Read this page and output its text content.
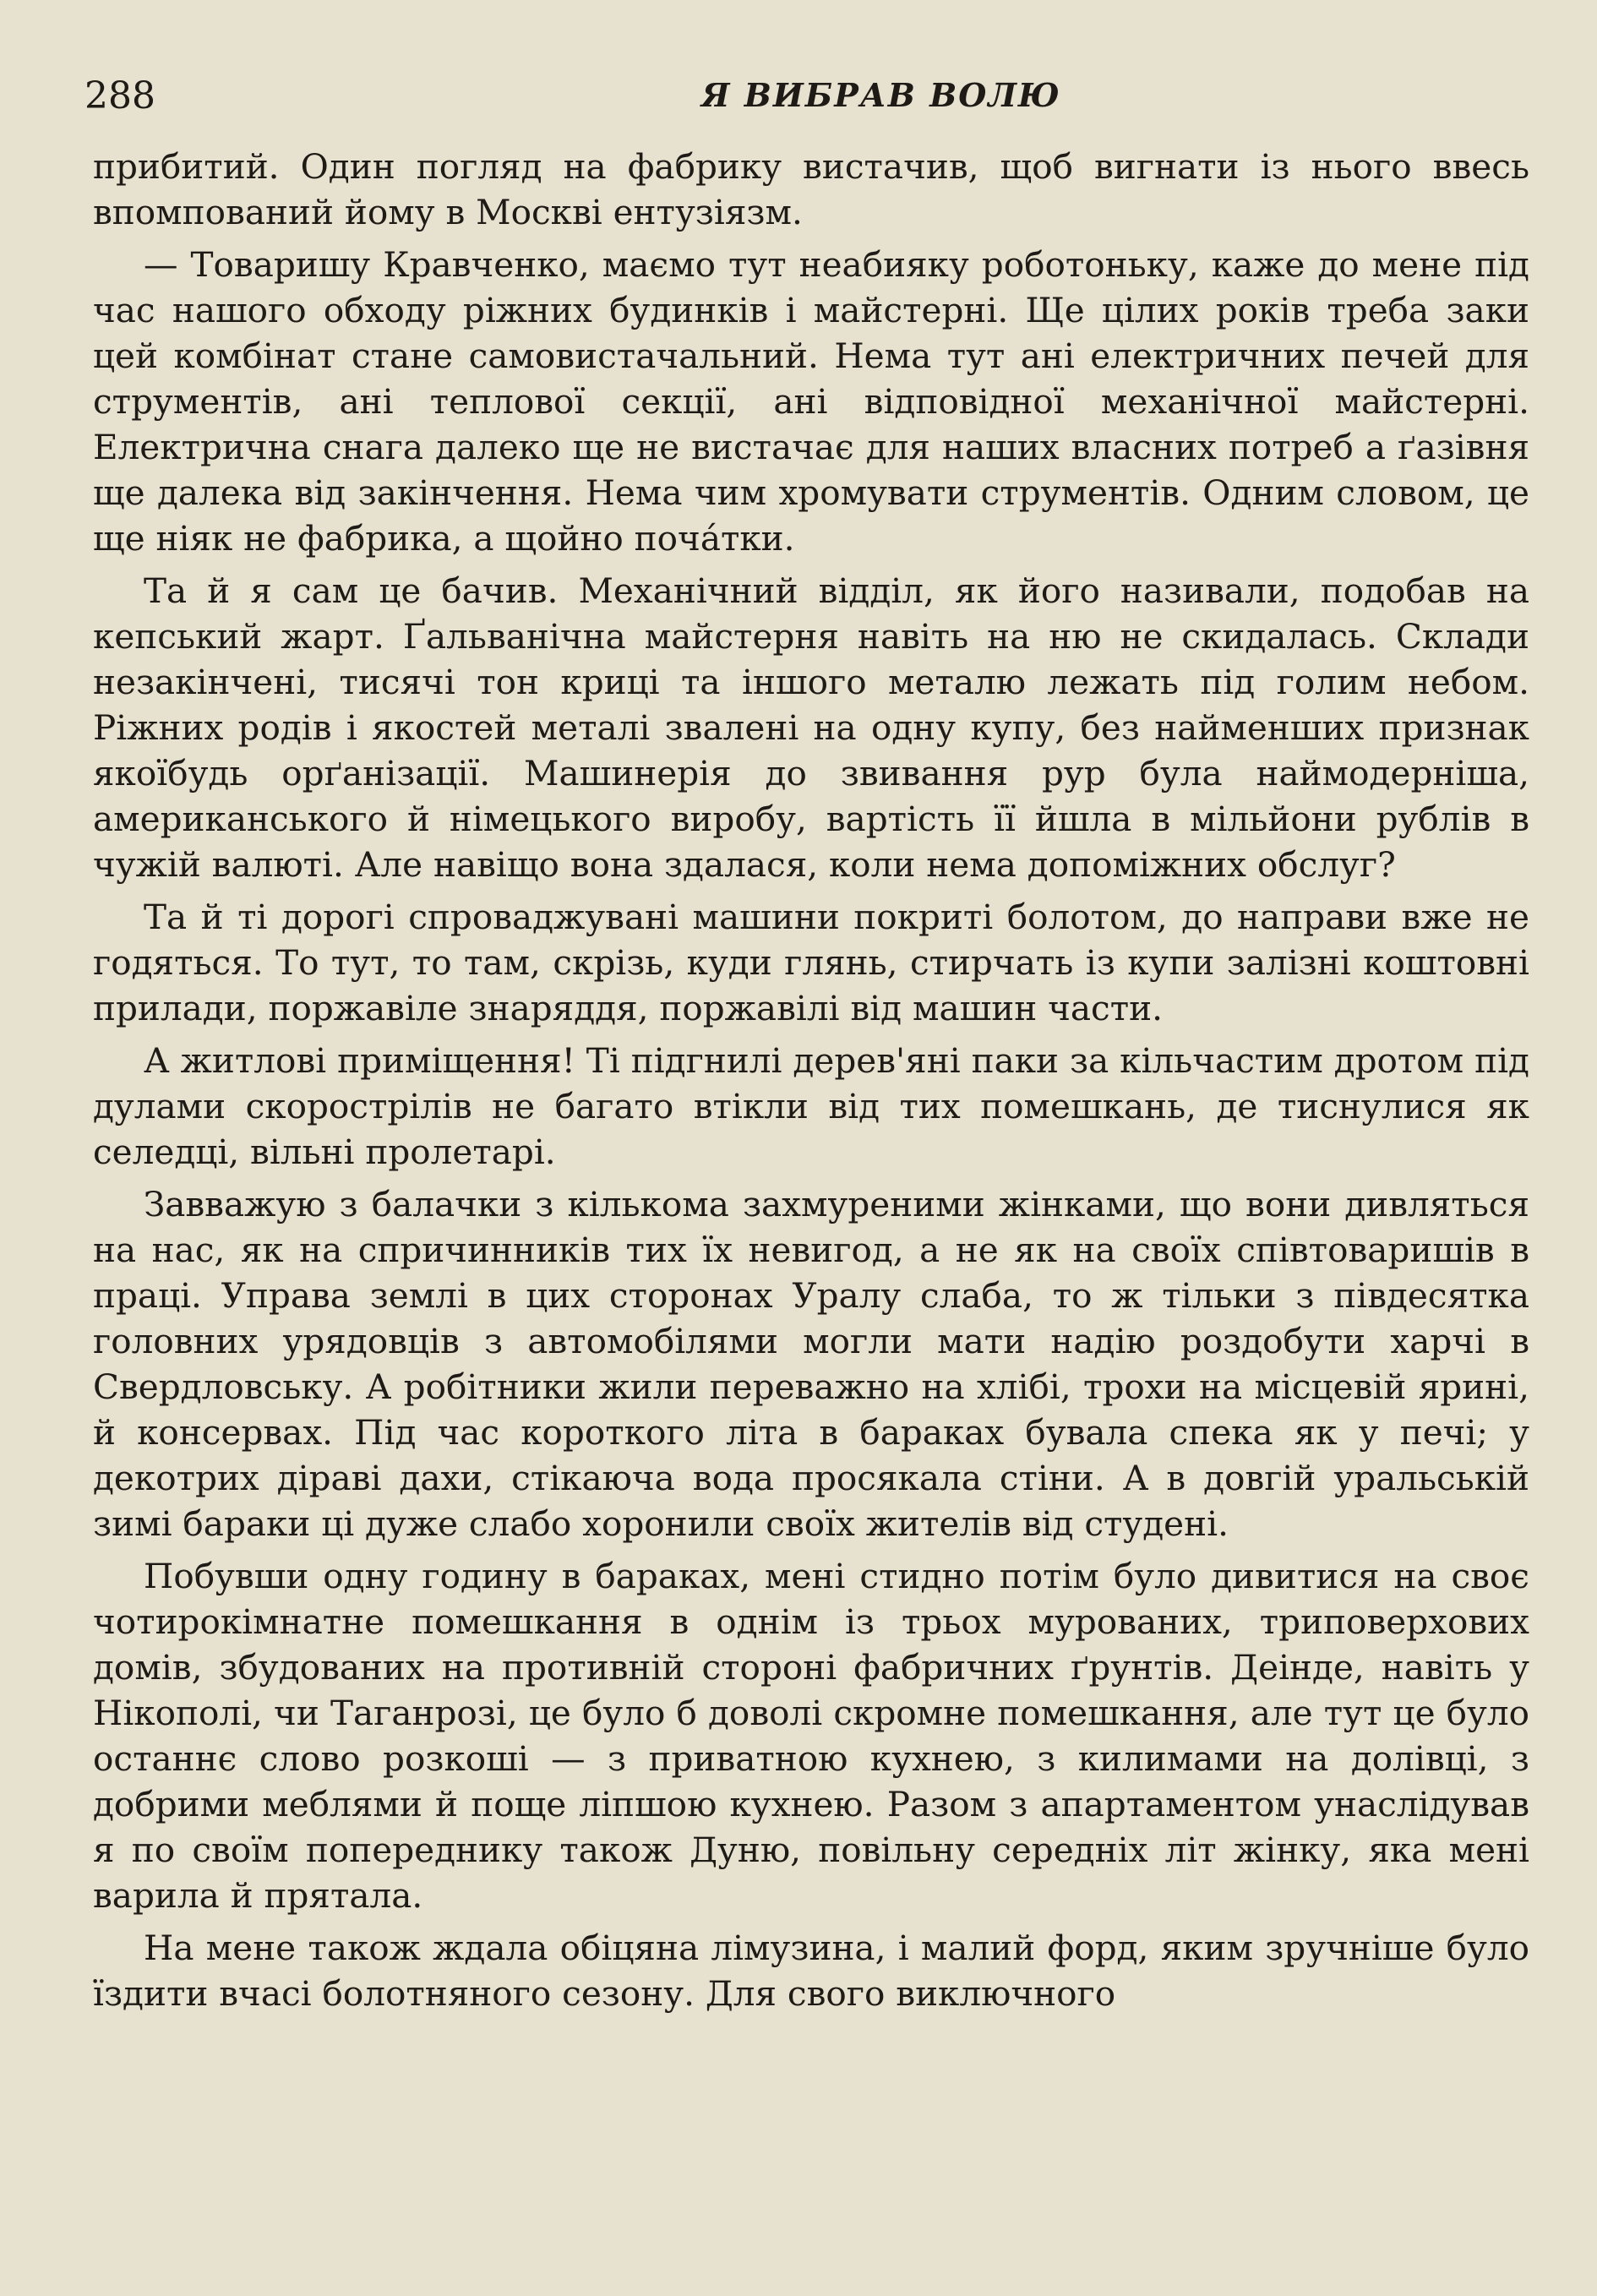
288	Я ВИБРАВ ВОЛЮ

прибитий. Один погляд на фабрику вистачив, щоб вигнати із нього ввесь впомпований йому в Москві ентузіязм.

— Товаришу Кравченко, маємо тут неабияку роботоньку, каже до мене під час нашого обходу ріжних будинків і майстерні. Ще цілих років треба заки цей комбінат стане самовистачальний. Нема тут ані електричних печей для струментів, ані теплової секції, ані відповідної механічної майстерні. Електрична снага далеко ще не вистачає для наших власних потреб а ґазівня ще далека від закінчення. Нема чим хромувати струментів. Одним словом, це ще ніяк не фабрика, а щойно почáтки.

Та й я сам це бачив. Механічний відділ, як його називали, подобав на кепський жарт. Ґальванічна майстерня навіть на ню не скидалась. Склади незакінчені, тисячі тон криці та іншого металю лежать під голим небом. Ріжних родів і якостей металі звалені на одну купу, без найменших признак якоїбудь орґанізації. Машинерія до звивання рур була наймодерніша, американського й німецького виробу, вартість її йшла в мільйони рублів в чужій валюті. Але навіщо вона здалася, коли нема допоміжних обслуг?

Та й ті дорогі спроваджувані машини покриті болотом, до направи вже не годяться. То тут, то там, скрізь, куди глянь, стирчать із купи залізні коштовні прилади, поржавіле знаряддя, поржавілі від машин части.

А житлові приміщення! Ті підгнилі дерев'яні паки за кільчастим дротом під дулами скорострілів не багато втікли від тих помешкань, де тиснулися як селедці, вільні пролетарі.

Завважую з балачки з кількома захмуреними жінками, що вони дивляться на нас, як на спричинників тих їх невигод, а не як на своїх співтоваришів в праці. Управа землі в цих сторонах Уралу слаба, то ж тільки з півдесятка головних урядовців з автомобілями могли мати надію роздобути харчі в Свердловську. А робітники жили переважно на хлібі, трохи на місцевій ярині, й консервах. Під час короткого літа в бараках бувала спека як у печі; у декотрих діраві дахи, стікаюча вода просякала стіни. А в довгій уральській зимі бараки ці дуже слабо хоронили своїх жителів від студені.

Побувши одну годину в бараках, мені стидно потім було дивитися на своє чотирокімнатне помешкання в однім із трьох мурованих, триповерхових домів, збудованих на противній стороні фабричних ґрунтів. Деінде, навіть у Нікополі, чи Таганрозі, це було б доволі скромне помешкання, але тут це було останнє слово розкоші — з приватною кухнею, з килимами на долівці, з добрими меблями й поще ліпшою кухнею. Разом з апартаментом унаслідував я по своїм попереднику також Дуню, повільну середніх літ жінку, яка мені варила й прятала.

На мене також ждала обіцяна лімузина, і малий форд, яким зручніше було їздити вчасі болотняного сезону. Для свого виключного
